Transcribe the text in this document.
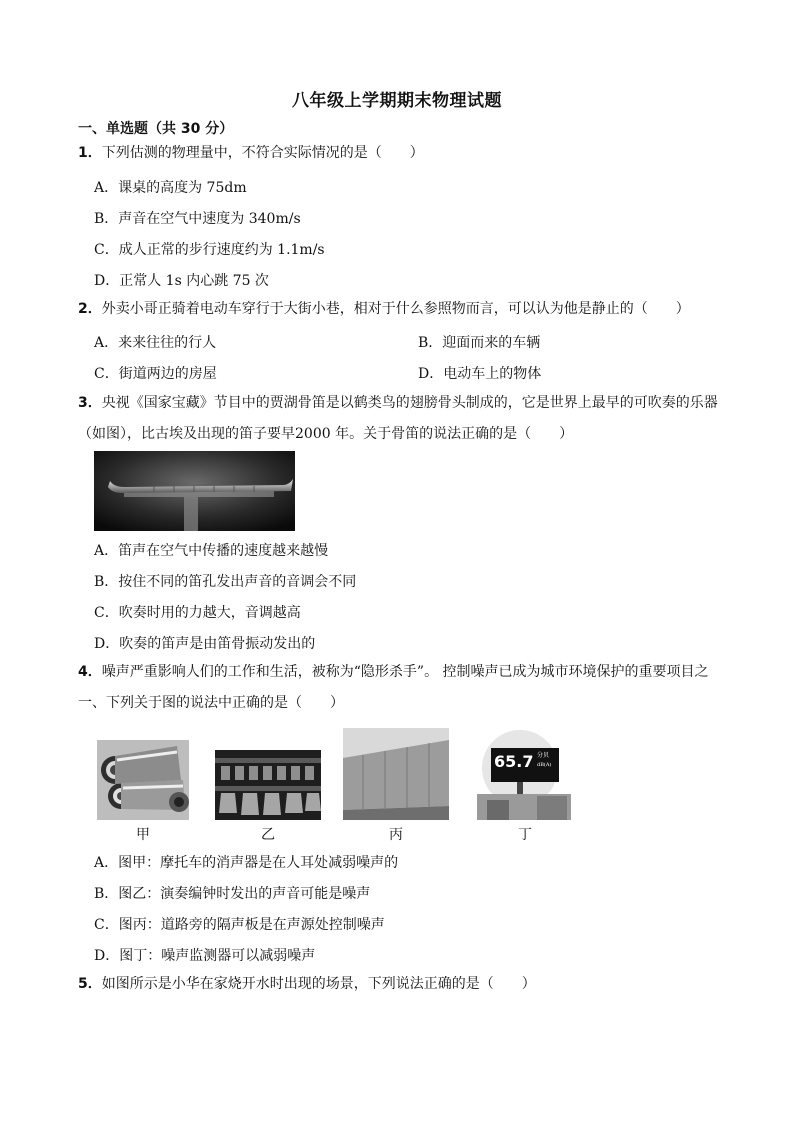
八年级上学期期末物理试题
一、单选题（共 30 分）
1．下列估测的物理量中，不符合实际情况的是（　　）
A．课桌的高度为 75dm
B．声音在空气中速度为 340m/s
C．成人正常的步行速度约为 1.1m/s
D．正常人 1s 内心跳 75 次
2．外卖小哥正骑着电动车穿行于大街小巷，相对于什么参照物而言，可以认为他是静止的（　　）
A．来来往往的行人	B．迎面而来的车辆
C．街道两边的房屋	D．电动车上的物体
3．央视《国家宝藏》节目中的贾湖骨笛是以鹤类鸟的翅膀骨头制成的，它是世界上最早的可吹奏的乐器
（如图），比古埃及出现的笛子要早2000 年。关于骨笛的说法正确的是（　　）
A．笛声在空气中传播的速度越来越慢
B．按住不同的笛孔发出声音的音调会不同
C．吹奏时用的力越大，音调越高
D．吹奏的笛声是由笛骨振动发出的
4．噪声严重影响人们的工作和生活，被称为“隐形杀手”。 控制噪声已成为城市环境保护的重要项目之
一、下列关于图的说法中正确的是（　　）
65.7 分贝
dB(A)
甲	乙	丙	丁
A．图甲：摩托车的消声器是在人耳处减弱噪声的
B．图乙：演奏编钟时发出的声音可能是噪声
C．图丙：道路旁的隔声板是在声源处控制噪声
D．图丁：噪声监测器可以减弱噪声
5．如图所示是小华在家烧开水时出现的场景，下列说法正确的是（　　）
